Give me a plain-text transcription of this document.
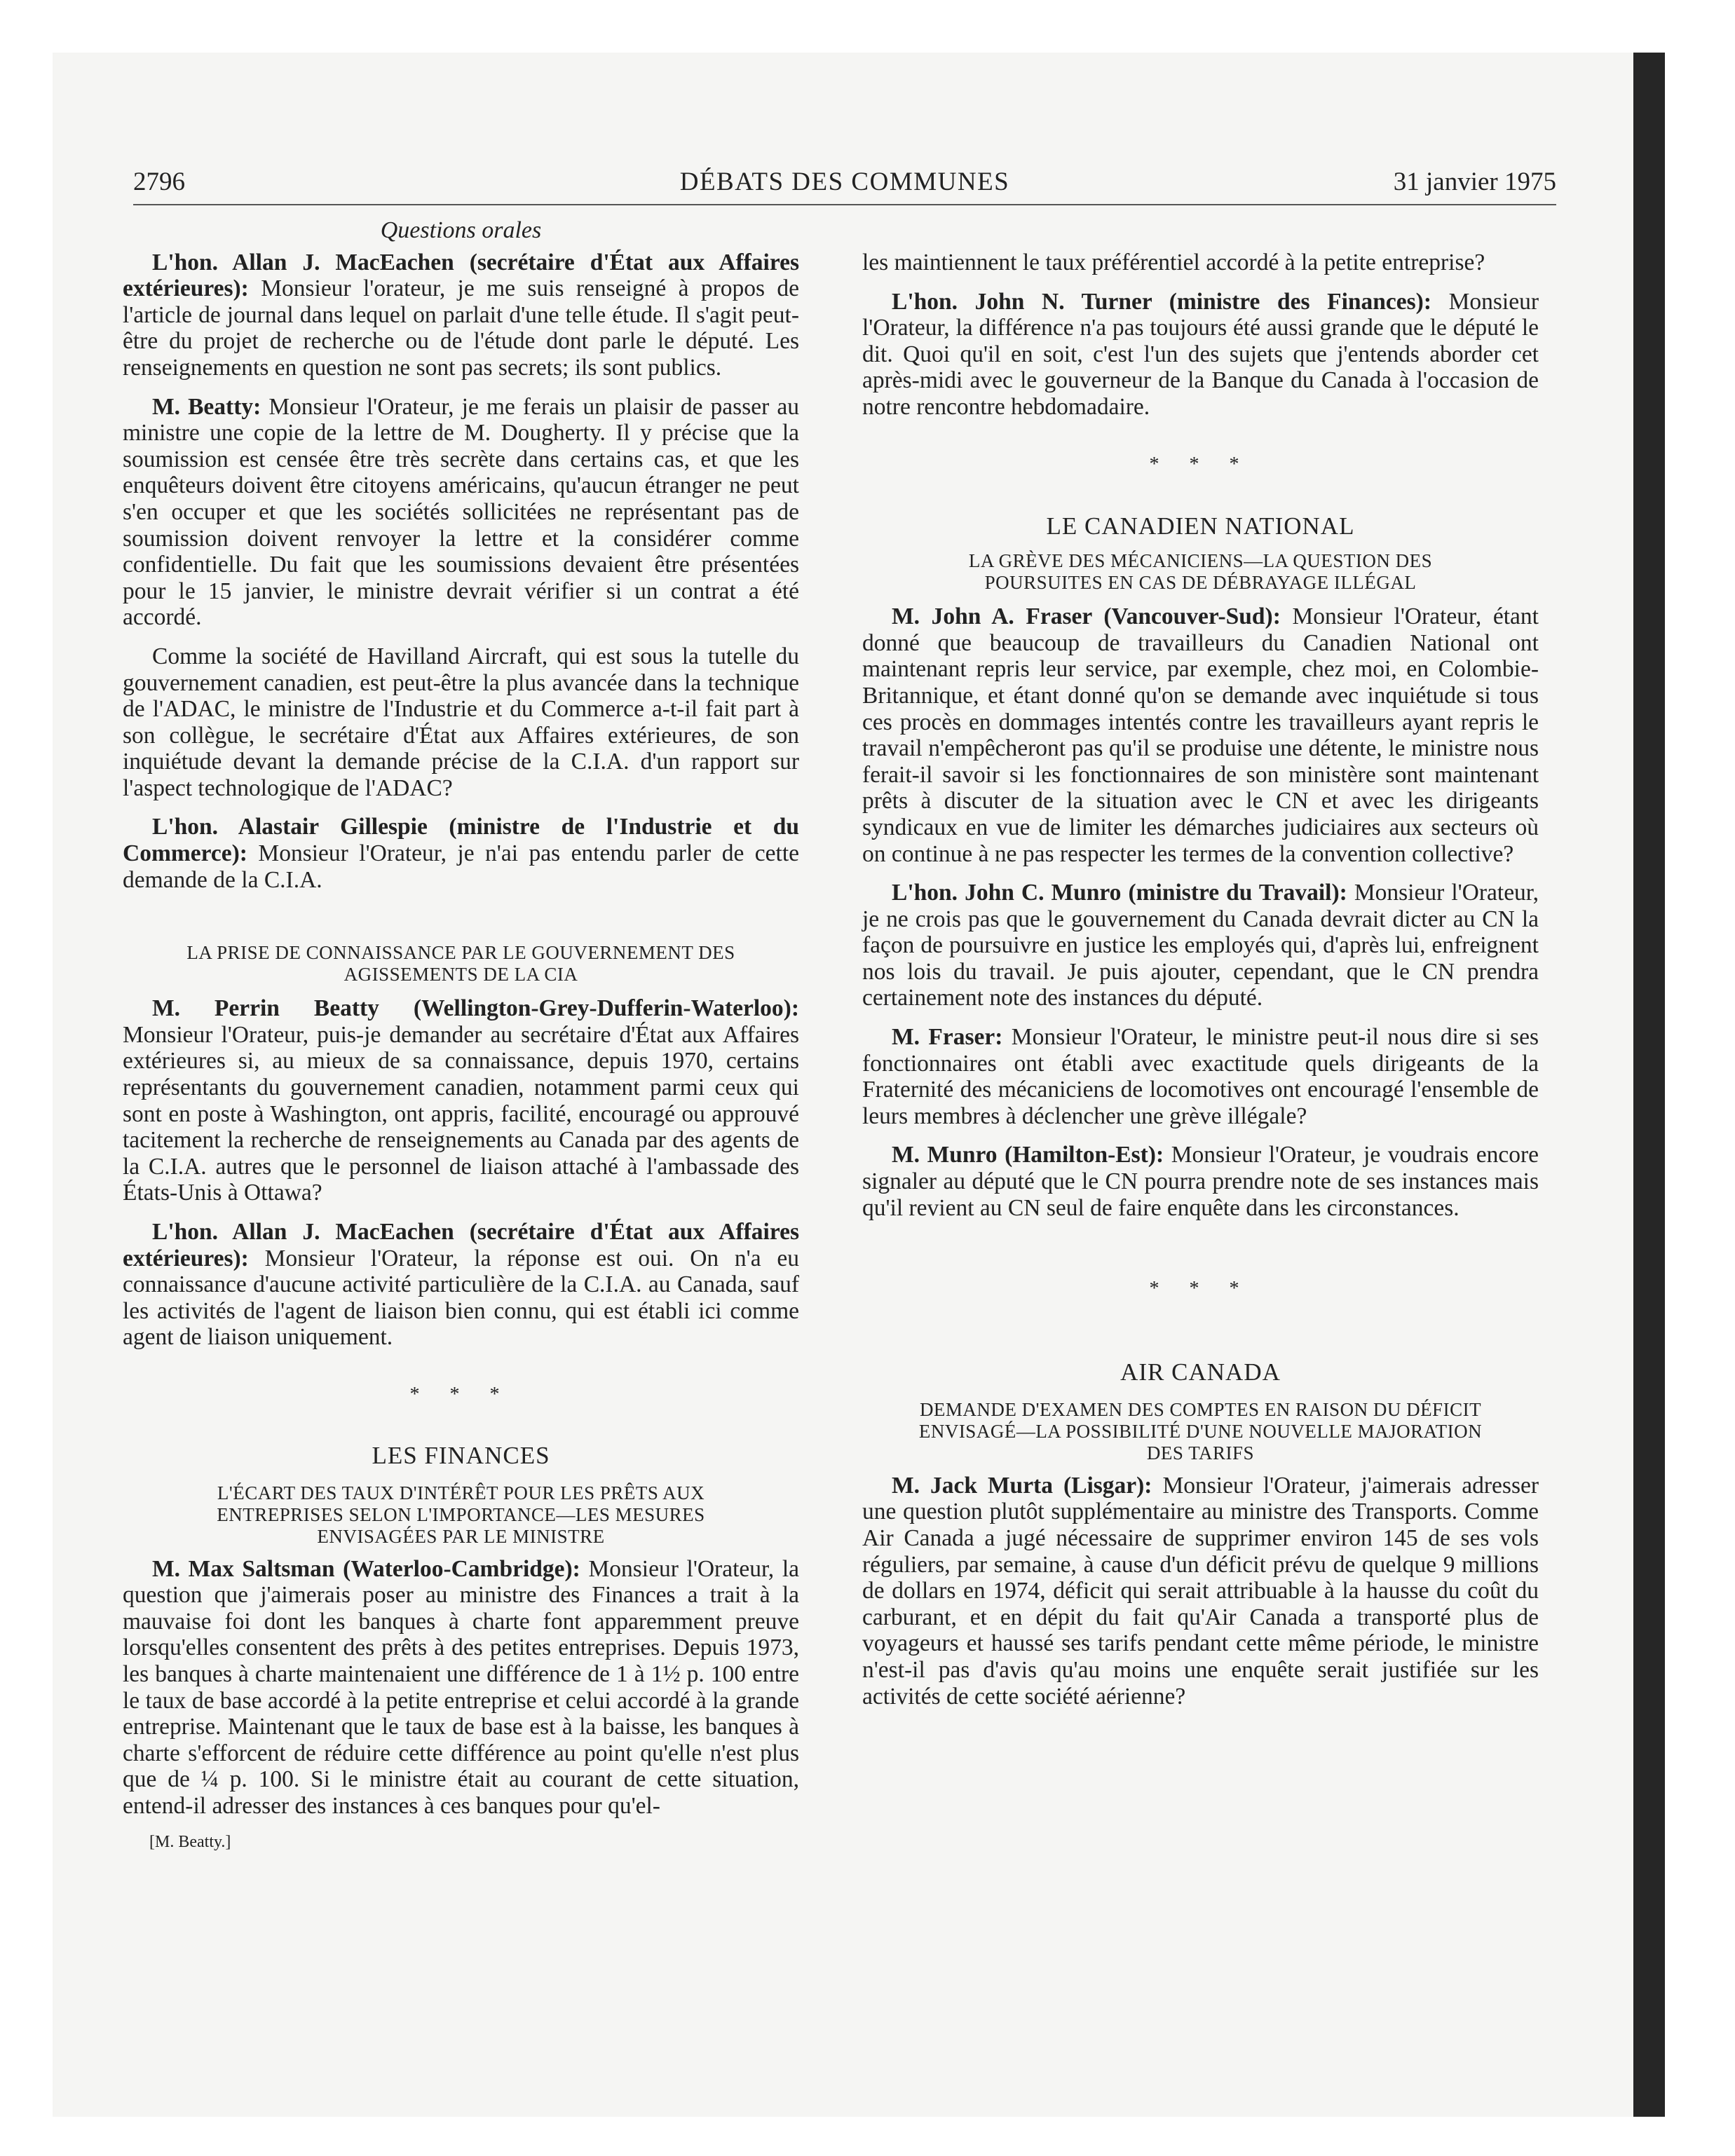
2796	DÉBATS DES COMMUNES	31 janvier 1975
Questions orales

L'hon. Allan J. MacEachen (secrétaire d'État aux Affaires extérieures): Monsieur l'orateur, je me suis renseigné à propos de l'article de journal dans lequel on parlait d'une telle étude. Il s'agit peut-être du projet de recherche ou de l'étude dont parle le député. Les renseignements en question ne sont pas secrets; ils sont publics.

M. Beatty: Monsieur l'Orateur, je me ferais un plaisir de passer au ministre une copie de la lettre de M. Dougherty. Il y précise que la soumission est censée être très secrète dans certains cas, et que les enquêteurs doivent être citoyens américains, qu'aucun étranger ne peut s'en occuper et que les sociétés sollicitées ne représentant pas de soumission doivent renvoyer la lettre et la considérer comme confidentielle. Du fait que les soumissions devaient être présentées pour le 15 janvier, le ministre devrait vérifier si un contrat a été accordé.

Comme la société de Havilland Aircraft, qui est sous la tutelle du gouvernement canadien, est peut-être la plus avancée dans la technique de l'ADAC, le ministre de l'Industrie et du Commerce a-t-il fait part à son collègue, le secrétaire d'État aux Affaires extérieures, de son inquiétude devant la demande précise de la C.I.A. d'un rapport sur l'aspect technologique de l'ADAC?

L'hon. Alastair Gillespie (ministre de l'Industrie et du Commerce): Monsieur l'Orateur, je n'ai pas entendu parler de cette demande de la C.I.A.

LA PRISE DE CONNAISSANCE PAR LE GOUVERNEMENT DES
AGISSEMENTS DE LA CIA

M. Perrin Beatty (Wellington-Grey-Dufferin-Waterloo): Monsieur l'Orateur, puis-je demander au secrétaire d'État aux Affaires extérieures si, au mieux de sa connaissance, depuis 1970, certains représentants du gouvernement canadien, notamment parmi ceux qui sont en poste à Washington, ont appris, facilité, encouragé ou approuvé tacitement la recherche de renseignements au Canada par des agents de la C.I.A. autres que le personnel de liaison attaché à l'ambassade des États-Unis à Ottawa?

L'hon. Allan J. MacEachen (secrétaire d'État aux Affaires extérieures): Monsieur l'Orateur, la réponse est oui. On n'a eu connaissance d'aucune activité particulière de la C.I.A. au Canada, sauf les activités de l'agent de liaison bien connu, qui est établi ici comme agent de liaison uniquement.

* * *
LES FINANCES
L'ÉCART DES TAUX D'INTÉRÊT POUR LES PRÊTS AUX
ENTREPRISES SELON L'IMPORTANCE—LES MESURES
ENVISAGÉES PAR LE MINISTRE

M. Max Saltsman (Waterloo-Cambridge): Monsieur l'Orateur, la question que j'aimerais poser au ministre des Finances a trait à la mauvaise foi dont les banques à charte font apparemment preuve lorsqu'elles consentent des prêts à des petites entreprises. Depuis 1973, les banques à charte maintenaient une différence de 1 à 1½ p. 100 entre le taux de base accordé à la petite entreprise et celui accordé à la grande entreprise. Maintenant que le taux de base est à la baisse, les banques à charte s'efforcent de réduire cette différence au point qu'elle n'est plus que de ¼ p. 100. Si le ministre était au courant de cette situation, entend-il adresser des instances à ces banques pour qu'el-

[M. Beatty.]

les maintiennent le taux préférentiel accordé à la petite entreprise?

L'hon. John N. Turner (ministre des Finances): Monsieur l'Orateur, la différence n'a pas toujours été aussi grande que le député le dit. Quoi qu'il en soit, c'est l'un des sujets que j'entends aborder cet après-midi avec le gouverneur de la Banque du Canada à l'occasion de notre rencontre hebdomadaire.

* * *
LE CANADIEN NATIONAL
LA GRÈVE DES MÉCANICIENS—LA QUESTION DES
POURSUITES EN CAS DE DÉBRAYAGE ILLÉGAL

M. John A. Fraser (Vancouver-Sud): Monsieur l'Orateur, étant donné que beaucoup de travailleurs du Canadien National ont maintenant repris leur service, par exemple, chez moi, en Colombie-Britannique, et étant donné qu'on se demande avec inquiétude si tous ces procès en dommages intentés contre les travailleurs ayant repris le travail n'empêcheront pas qu'il se produise une détente, le ministre nous ferait-il savoir si les fonctionnaires de son ministère sont maintenant prêts à discuter de la situation avec le CN et avec les dirigeants syndicaux en vue de limiter les démarches judiciaires aux secteurs où on continue à ne pas respecter les termes de la convention collective?

L'hon. John C. Munro (ministre du Travail): Monsieur l'Orateur, je ne crois pas que le gouvernement du Canada devrait dicter au CN la façon de poursuivre en justice les employés qui, d'après lui, enfreignent nos lois du travail. Je puis ajouter, cependant, que le CN prendra certainement note des instances du député.

M. Fraser: Monsieur l'Orateur, le ministre peut-il nous dire si ses fonctionnaires ont établi avec exactitude quels dirigeants de la Fraternité des mécaniciens de locomotives ont encouragé l'ensemble de leurs membres à déclencher une grève illégale?

M. Munro (Hamilton-Est): Monsieur l'Orateur, je voudrais encore signaler au député que le CN pourra prendre note de ses instances mais qu'il revient au CN seul de faire enquête dans les circonstances.

* * *
AIR CANADA
DEMANDE D'EXAMEN DES COMPTES EN RAISON DU DÉFICIT
ENVISAGÉ—LA POSSIBILITÉ D'UNE NOUVELLE MAJORATION
DES TARIFS

M. Jack Murta (Lisgar): Monsieur l'Orateur, j'aimerais adresser une question plutôt supplémentaire au ministre des Transports. Comme Air Canada a jugé nécessaire de supprimer environ 145 de ses vols réguliers, par semaine, à cause d'un déficit prévu de quelque 9 millions de dollars en 1974, déficit qui serait attribuable à la hausse du coût du carburant, et en dépit du fait qu'Air Canada a transporté plus de voyageurs et haussé ses tarifs pendant cette même période, le ministre n'est-il pas d'avis qu'au moins une enquête serait justifiée sur les activités de cette société aérienne?
